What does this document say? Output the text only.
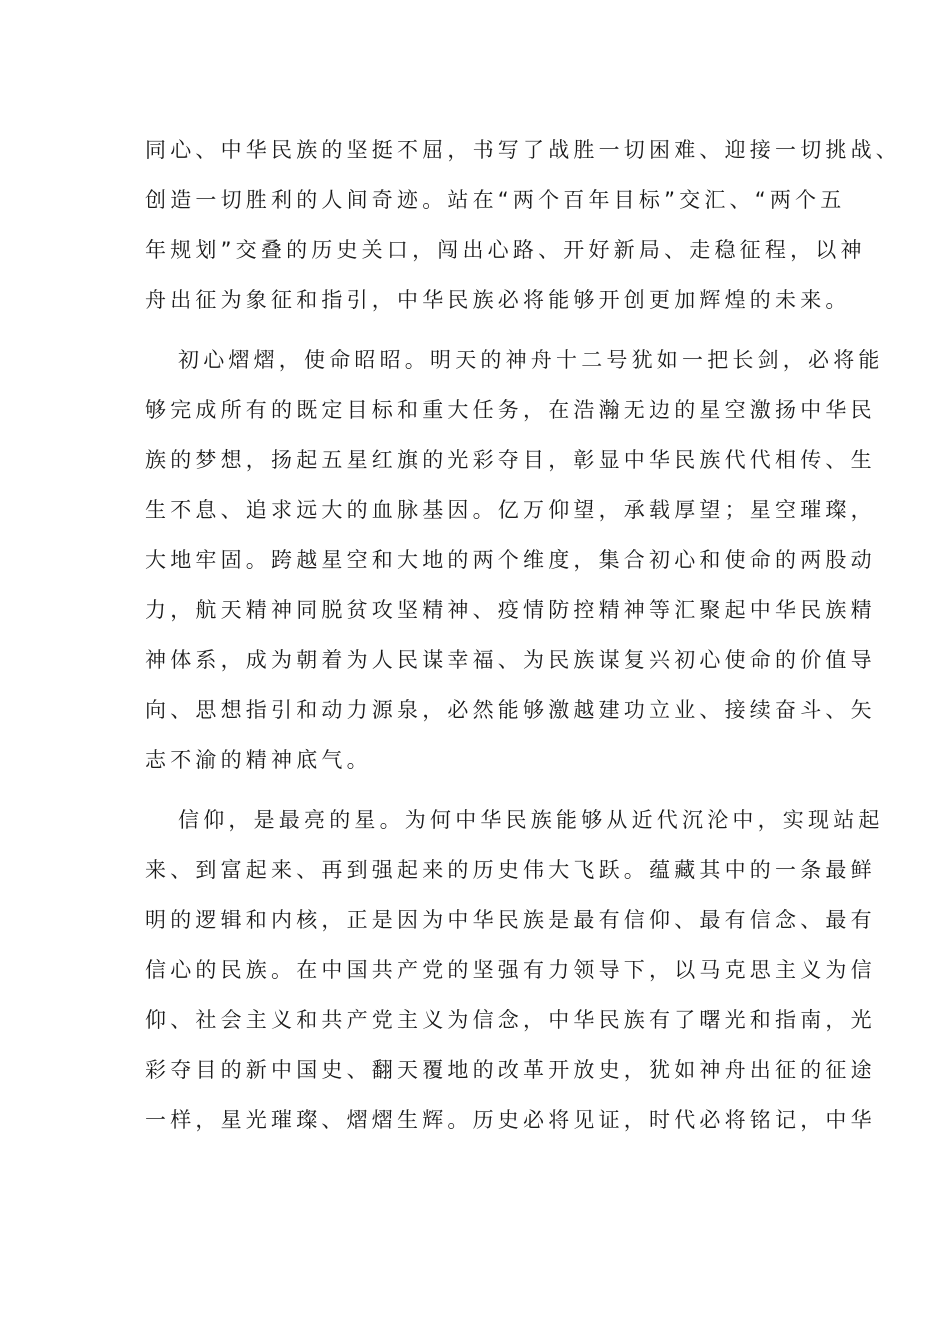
同心、中华民族的坚挺不屈，书写了战胜一切困难、迎接一切挑战、
创造一切胜利的人间奇迹。站在“两个百年目标”交汇、“两个五
年规划”交叠的历史关口，闯出心路、开好新局、走稳征程，以神
舟出征为象征和指引，中华民族必将能够开创更加辉煌的未来。
初心熠熠，使命昭昭。明天的神舟十二号犹如一把长剑，必将能
够完成所有的既定目标和重大任务，在浩瀚无边的星空激扬中华民
族的梦想，扬起五星红旗的光彩夺目，彰显中华民族代代相传、生
生不息、追求远大的血脉基因。亿万仰望，承载厚望；星空璀璨，
大地牢固。跨越星空和大地的两个维度，集合初心和使命的两股动
力，航天精神同脱贫攻坚精神、疫情防控精神等汇聚起中华民族精
神体系，成为朝着为人民谋幸福、为民族谋复兴初心使命的价值导
向、思想指引和动力源泉，必然能够激越建功立业、接续奋斗、矢
志不渝的精神底气。
信仰，是最亮的星。为何中华民族能够从近代沉沦中，实现站起
来、到富起来、再到强起来的历史伟大飞跃。蕴藏其中的一条最鲜
明的逻辑和内核，正是因为中华民族是最有信仰、最有信念、最有
信心的民族。在中国共产党的坚强有力领导下，以马克思主义为信
仰、社会主义和共产党主义为信念，中华民族有了曙光和指南，光
彩夺目的新中国史、翻天覆地的改革开放史，犹如神舟出征的征途
一样，星光璀璨、熠熠生辉。历史必将见证，时代必将铭记，中华
